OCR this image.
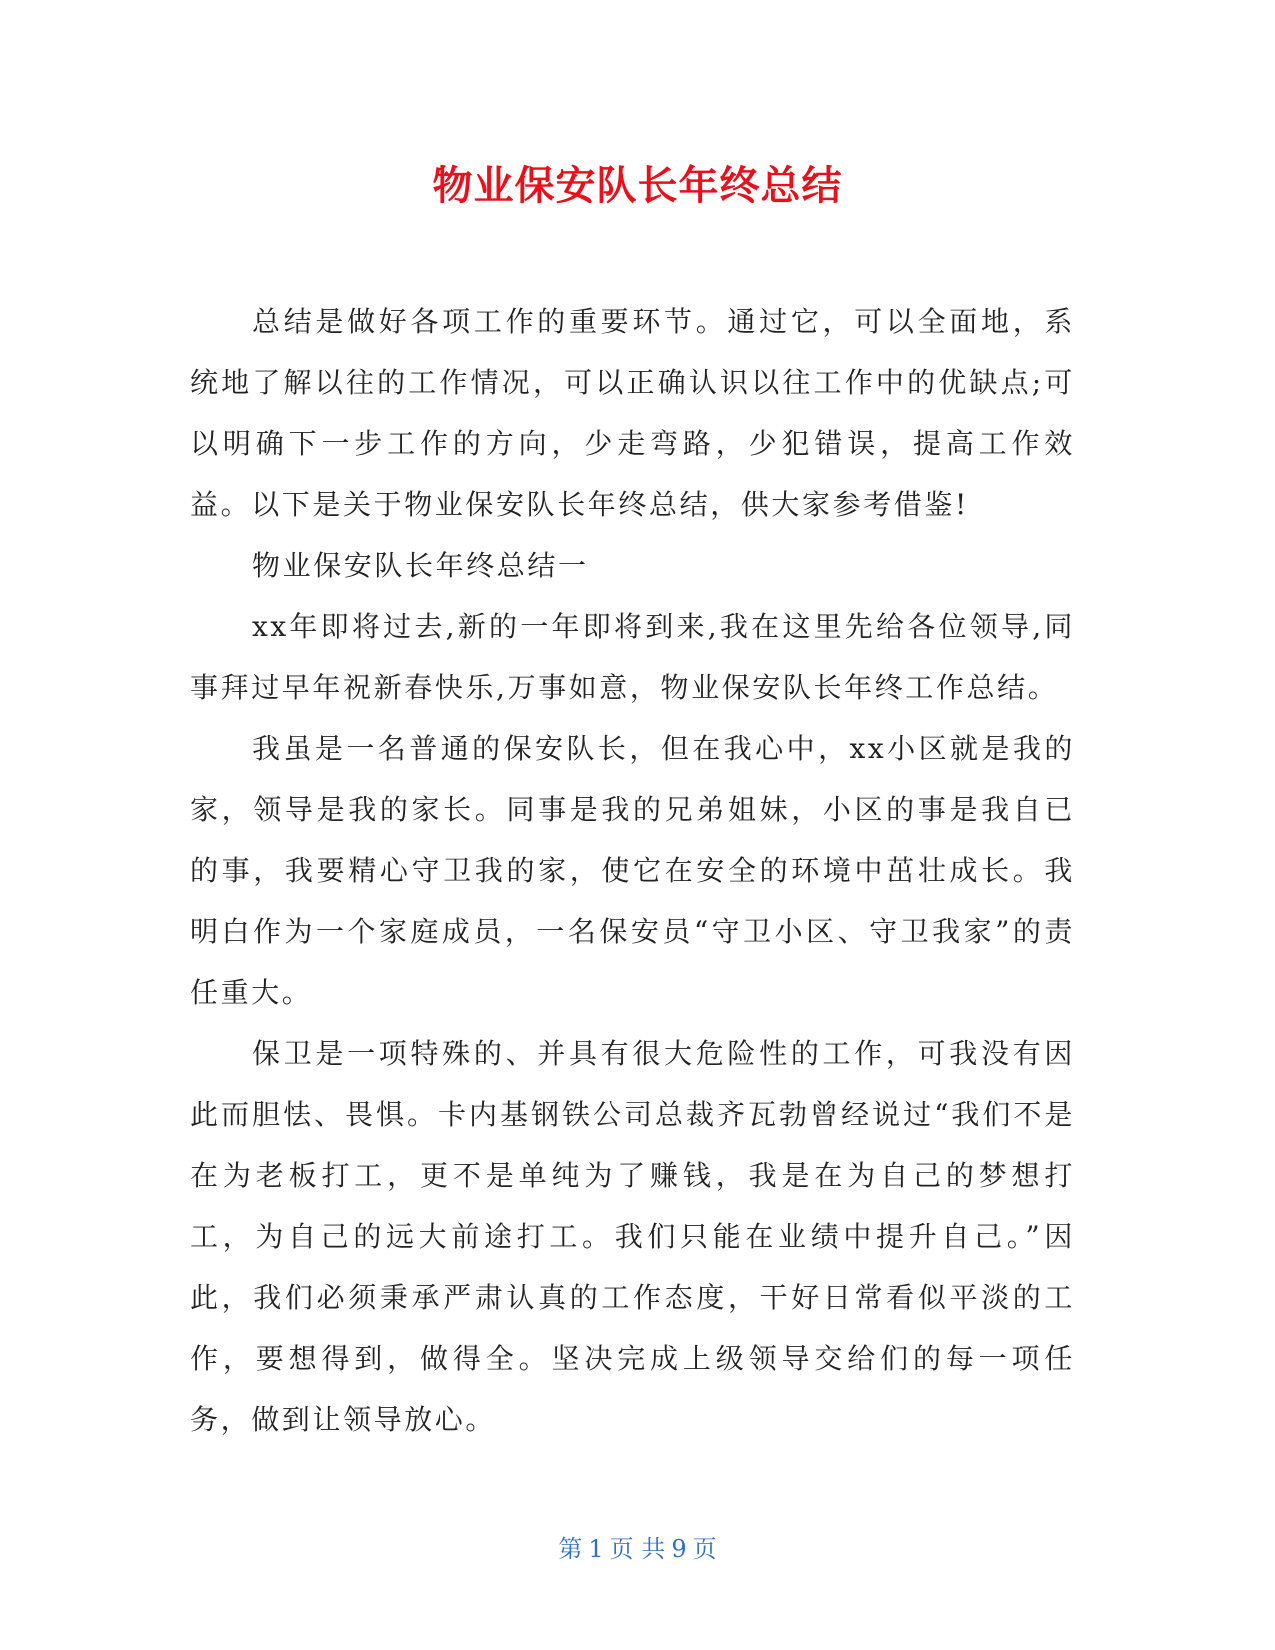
物业保安队长年终总结

总结是做好各项工作的重要环节。通过它，可以全面地，系统地了解以往的工作情况，可以正确认识以往工作中的优缺点;可以明确下一步工作的方向，少走弯路，少犯错误，提高工作效益。以下是关于物业保安队长年终总结，供大家参考借鉴!

物业保安队长年终总结一

xx年即将过去,新的一年即将到来,我在这里先给各位领导,同事拜过早年祝新春快乐,万事如意，物业保安队长年终工作总结。

我虽是一名普通的保安队长，但在我心中，xx小区就是我的家，领导是我的家长。同事是我的兄弟姐妹，小区的事是我自已的事，我要精心守卫我的家，使它在安全的环境中茁壮成长。我明白作为一个家庭成员，一名保安员“守卫小区、守卫我家”的责任重大。

保卫是一项特殊的、并具有很大危险性的工作，可我没有因此而胆怯、畏惧。卡内基钢铁公司总裁齐瓦勃曾经说过“我们不是在为老板打工，更不是单纯为了赚钱，我是在为自己的梦想打工，为自己的远大前途打工。我们只能在业绩中提升自己。”因此，我们必须秉承严肃认真的工作态度，干好日常看似平淡的工作，要想得到，做得全。坚决完成上级领导交给们的每一项任务，做到让领导放心。

第 1 页 共 9 页
